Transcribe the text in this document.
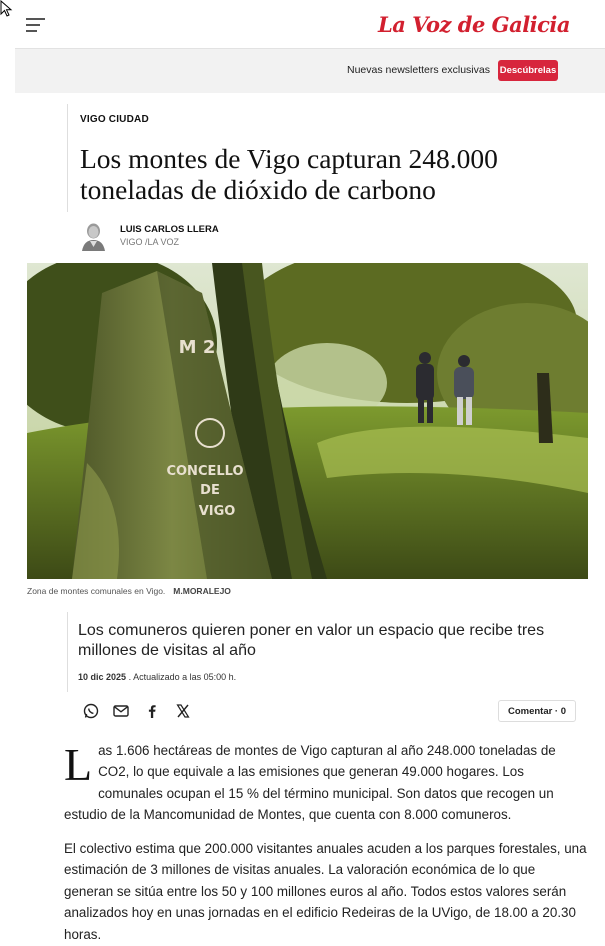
La Voz de Galicia
Nuevas newsletters exclusivas Descúbrelas
VIGO CIUDAD
Los montes de Vigo capturan 248.000 toneladas de dióxido de carbono
LUIS CARLOS LLERA
VIGO /LA VOZ
M 2
CONCELLO
DE
VIGO
Zona de montes comunales en Vigo. M.MORALEJO
Los comuneros quieren poner en valor un espacio que recibe tres millones de visitas al año
10 dic 2025 . Actualizado a las 05:00 h.
Comentar · 0

Las 1.606 hectáreas de montes de Vigo capturan al año 248.000 toneladas de CO2, lo que equivale a las emisiones que generan 49.000 hogares. Los comunales ocupan el 15 % del término municipal. Son datos que recogen un estudio de la Mancomunidad de Montes, que cuenta con 8.000 comuneros.

El colectivo estima que 200.000 visitantes anuales acuden a los parques forestales, una estimación de 3 millones de visitas anuales. La valoración económica de lo que generan se sitúa entre los 50 y 100 millones euros al año. Todos estos valores serán analizados hoy en unas jornadas en el edificio Redeiras de la UVigo, de 18.00 a 20.30 horas.
